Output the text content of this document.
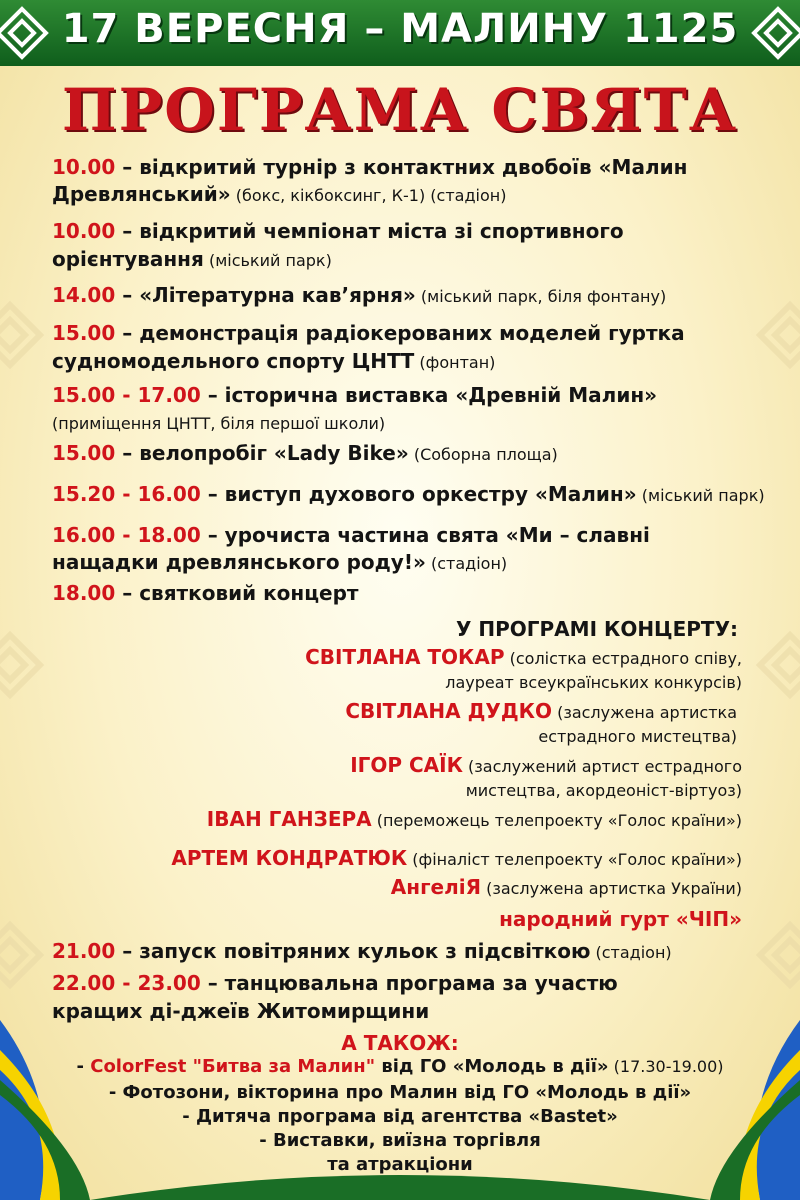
17 ВЕРЕСНЯ – МАЛИНУ 1125
ПРОГРАМА СВЯТА
10.00 – відкритий турнір з контактних двобоїв «Малин
Древлянський» (бокс, кікбоксинг, К-1) (стадіон)
10.00 – відкритий чемпіонат міста зі спортивного
орієнтування (міський парк)
14.00 – «Літературна кав’ярня» (міський парк, біля фонтану)
15.00 – демонстрація радіокерованих моделей гуртка
судномодельного спорту ЦНТТ (фонтан)
15.00 - 17.00 – історична виставка «Древній Малин»
(приміщення ЦНТТ, біля першої школи)
15.00 – велопробіг «Lady Bike» (Соборна площа)
15.20 - 16.00 – виступ духового оркестру «Малин» (міський парк)
16.00 - 18.00 – урочиста частина свята «Ми – славні
нащадки древлянського роду!» (стадіон)
18.00 – святковий концерт
У ПРОГРАМІ КОНЦЕРТУ:
СВІТЛАНА ТОКАР (солістка естрадного співу,
лауреат всеукраїнських конкурсів)
СВІТЛАНА ДУДКО (заслужена артистка
естрадного мистецтва)
ІГОР САЇК (заслужений артист естрадного
мистецтва, акордеоніст-віртуоз)
ІВАН ГАНЗЕРА (переможець телепроекту «Голос країни»)
АРТЕМ КОНДРАТЮК (фіналіст телепроекту «Голос країни»)
АнгеліЯ (заслужена артистка України)
народний гурт «ЧІП»
21.00 – запуск повітряних кульок з підсвіткою (стадіон)
22.00 - 23.00 – танцювальна програма за участю
кращих ді-джеїв Житомирщини
А ТАКОЖ:
- ColorFest "Битва за Малин" від ГО «Молодь в дії» (17.30-19.00)
- Фотозони, вікторина про Малин від ГО «Молодь в дії»
- Дитяча програма від агентства «Bastet»
- Виставки, виїзна торгівля
та атракціони
